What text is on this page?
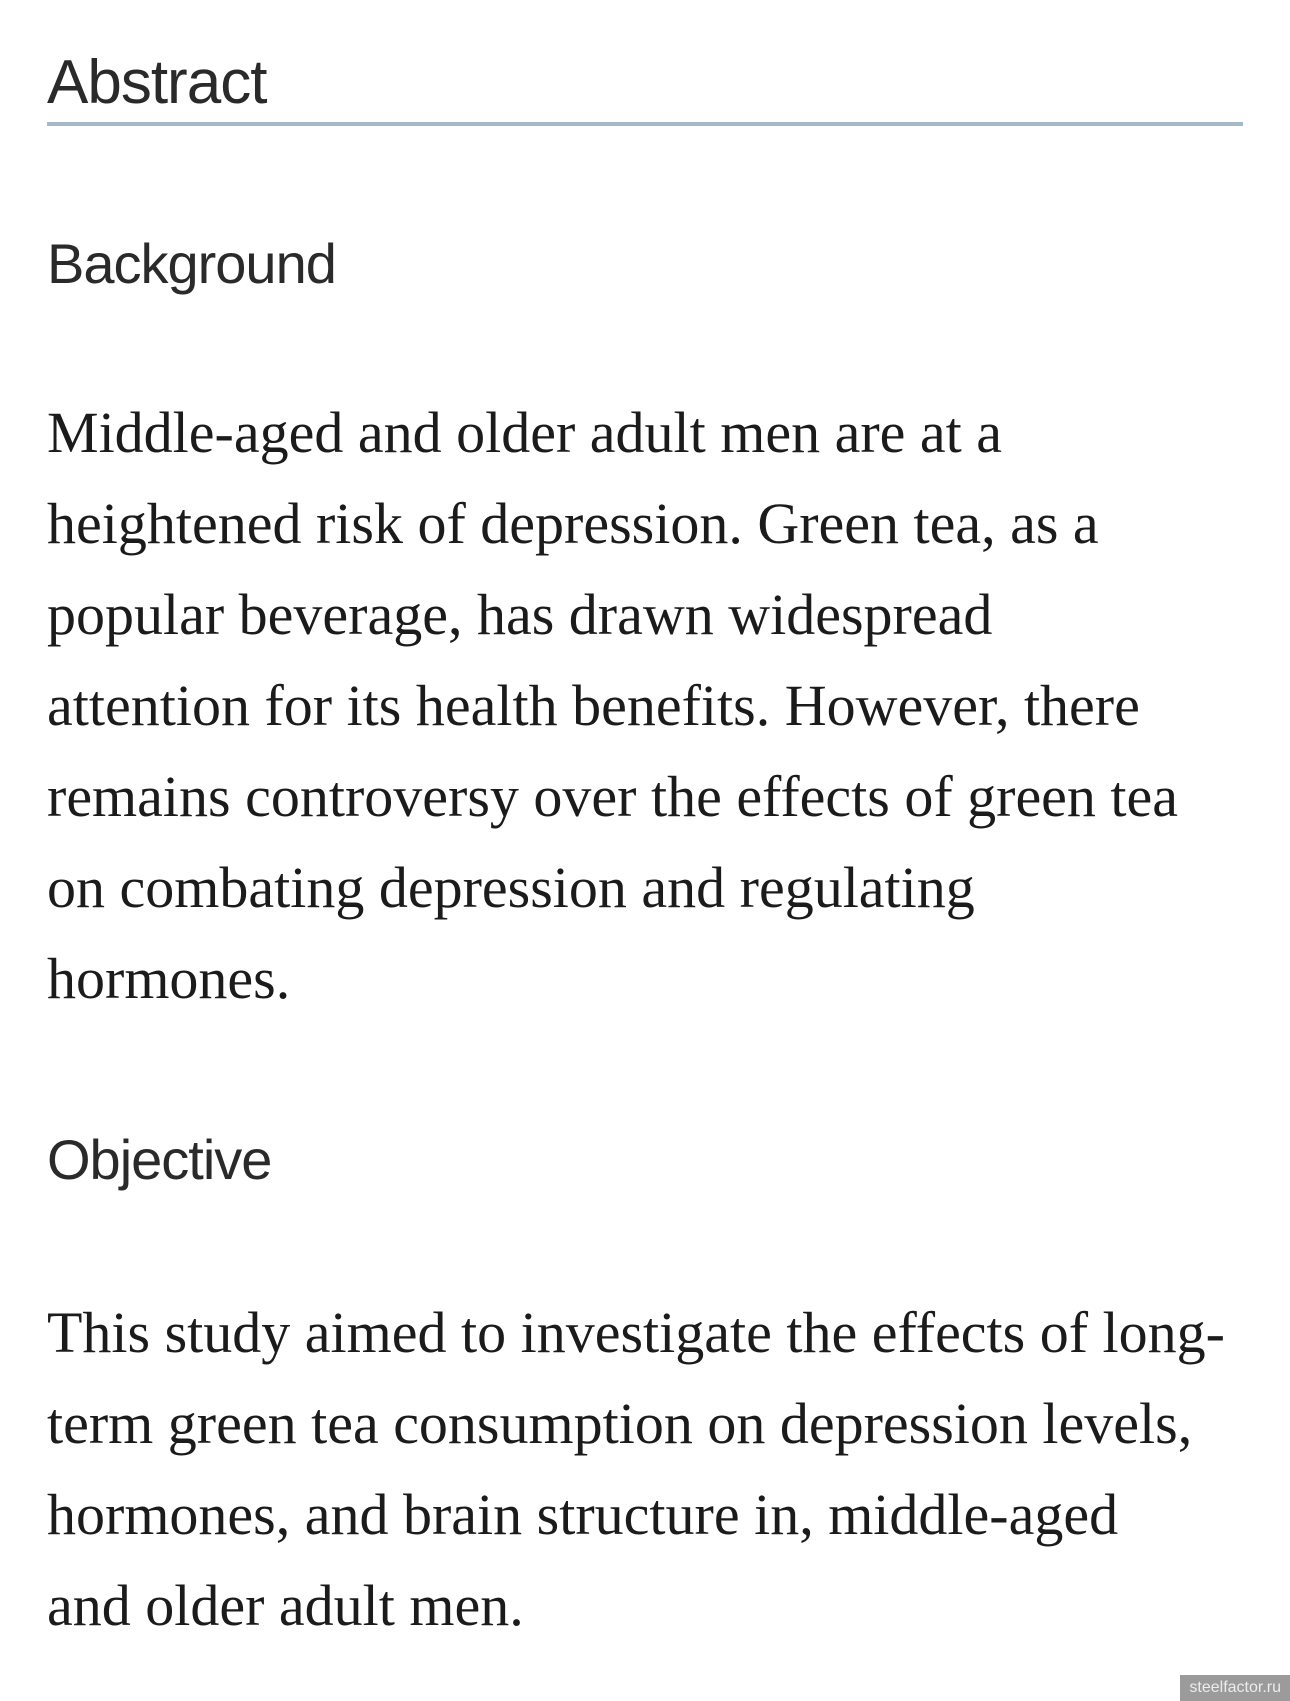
Abstract
Background

Middle-aged and older adult men are at a
heightened risk of depression. Green tea, as a
popular beverage, has drawn widespread
attention for its health benefits. However, there
remains controversy over the effects of green tea
on combating depression and regulating
hormones.

Objective

This study aimed to investigate the effects of long-
term green tea consumption on depression levels,
hormones, and brain structure in, middle-aged
and older adult men.

steelfactor.ru
